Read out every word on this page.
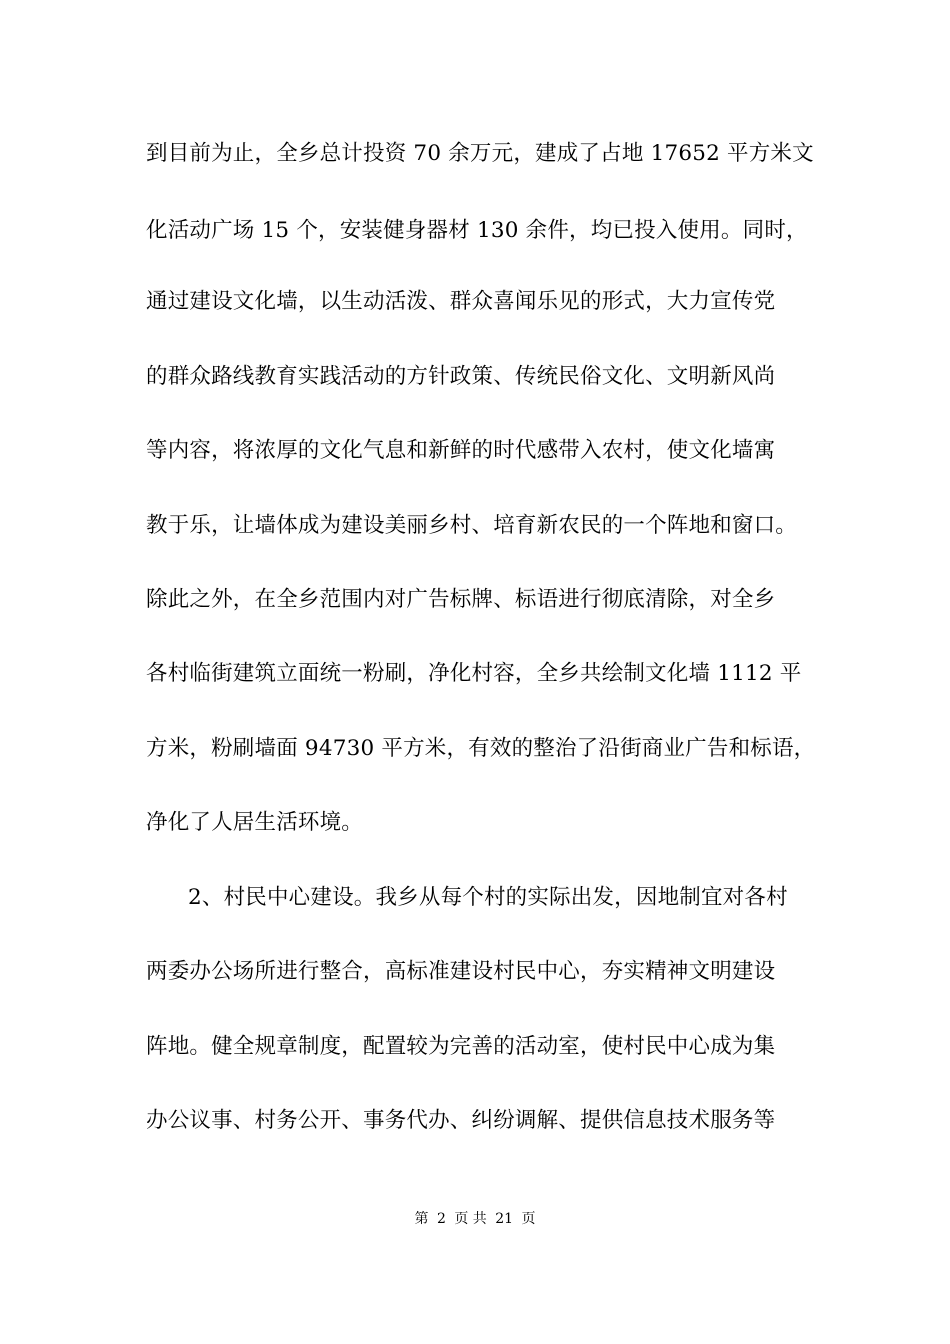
到目前为止，全乡总计投资 70 余万元，建成了占地 17652 平方米文
化活动广场 15 个，安装健身器材 130 余件，均已投入使用。同时，
通过建设文化墙，以生动活泼、群众喜闻乐见的形式，大力宣传党
的群众路线教育实践活动的方针政策、传统民俗文化、文明新风尚
等内容，将浓厚的文化气息和新鲜的时代感带入农村，使文化墙寓
教于乐，让墙体成为建设美丽乡村、培育新农民的一个阵地和窗口。
除此之外，在全乡范围内对广告标牌、标语进行彻底清除，对全乡
各村临街建筑立面统一粉刷，净化村容，全乡共绘制文化墙 1112 平
方米，粉刷墙面 94730 平方米，有效的整治了沿街商业广告和标语，
净化了人居生活环境。
2、村民中心建设。我乡从每个村的实际出发，因地制宜对各村
两委办公场所进行整合，高标准建设村民中心，夯实精神文明建设
阵地。健全规章制度，配置较为完善的活动室，使村民中心成为集
办公议事、村务公开、事务代办、纠纷调解、提供信息技术服务等
第 2 页 共 21 页
